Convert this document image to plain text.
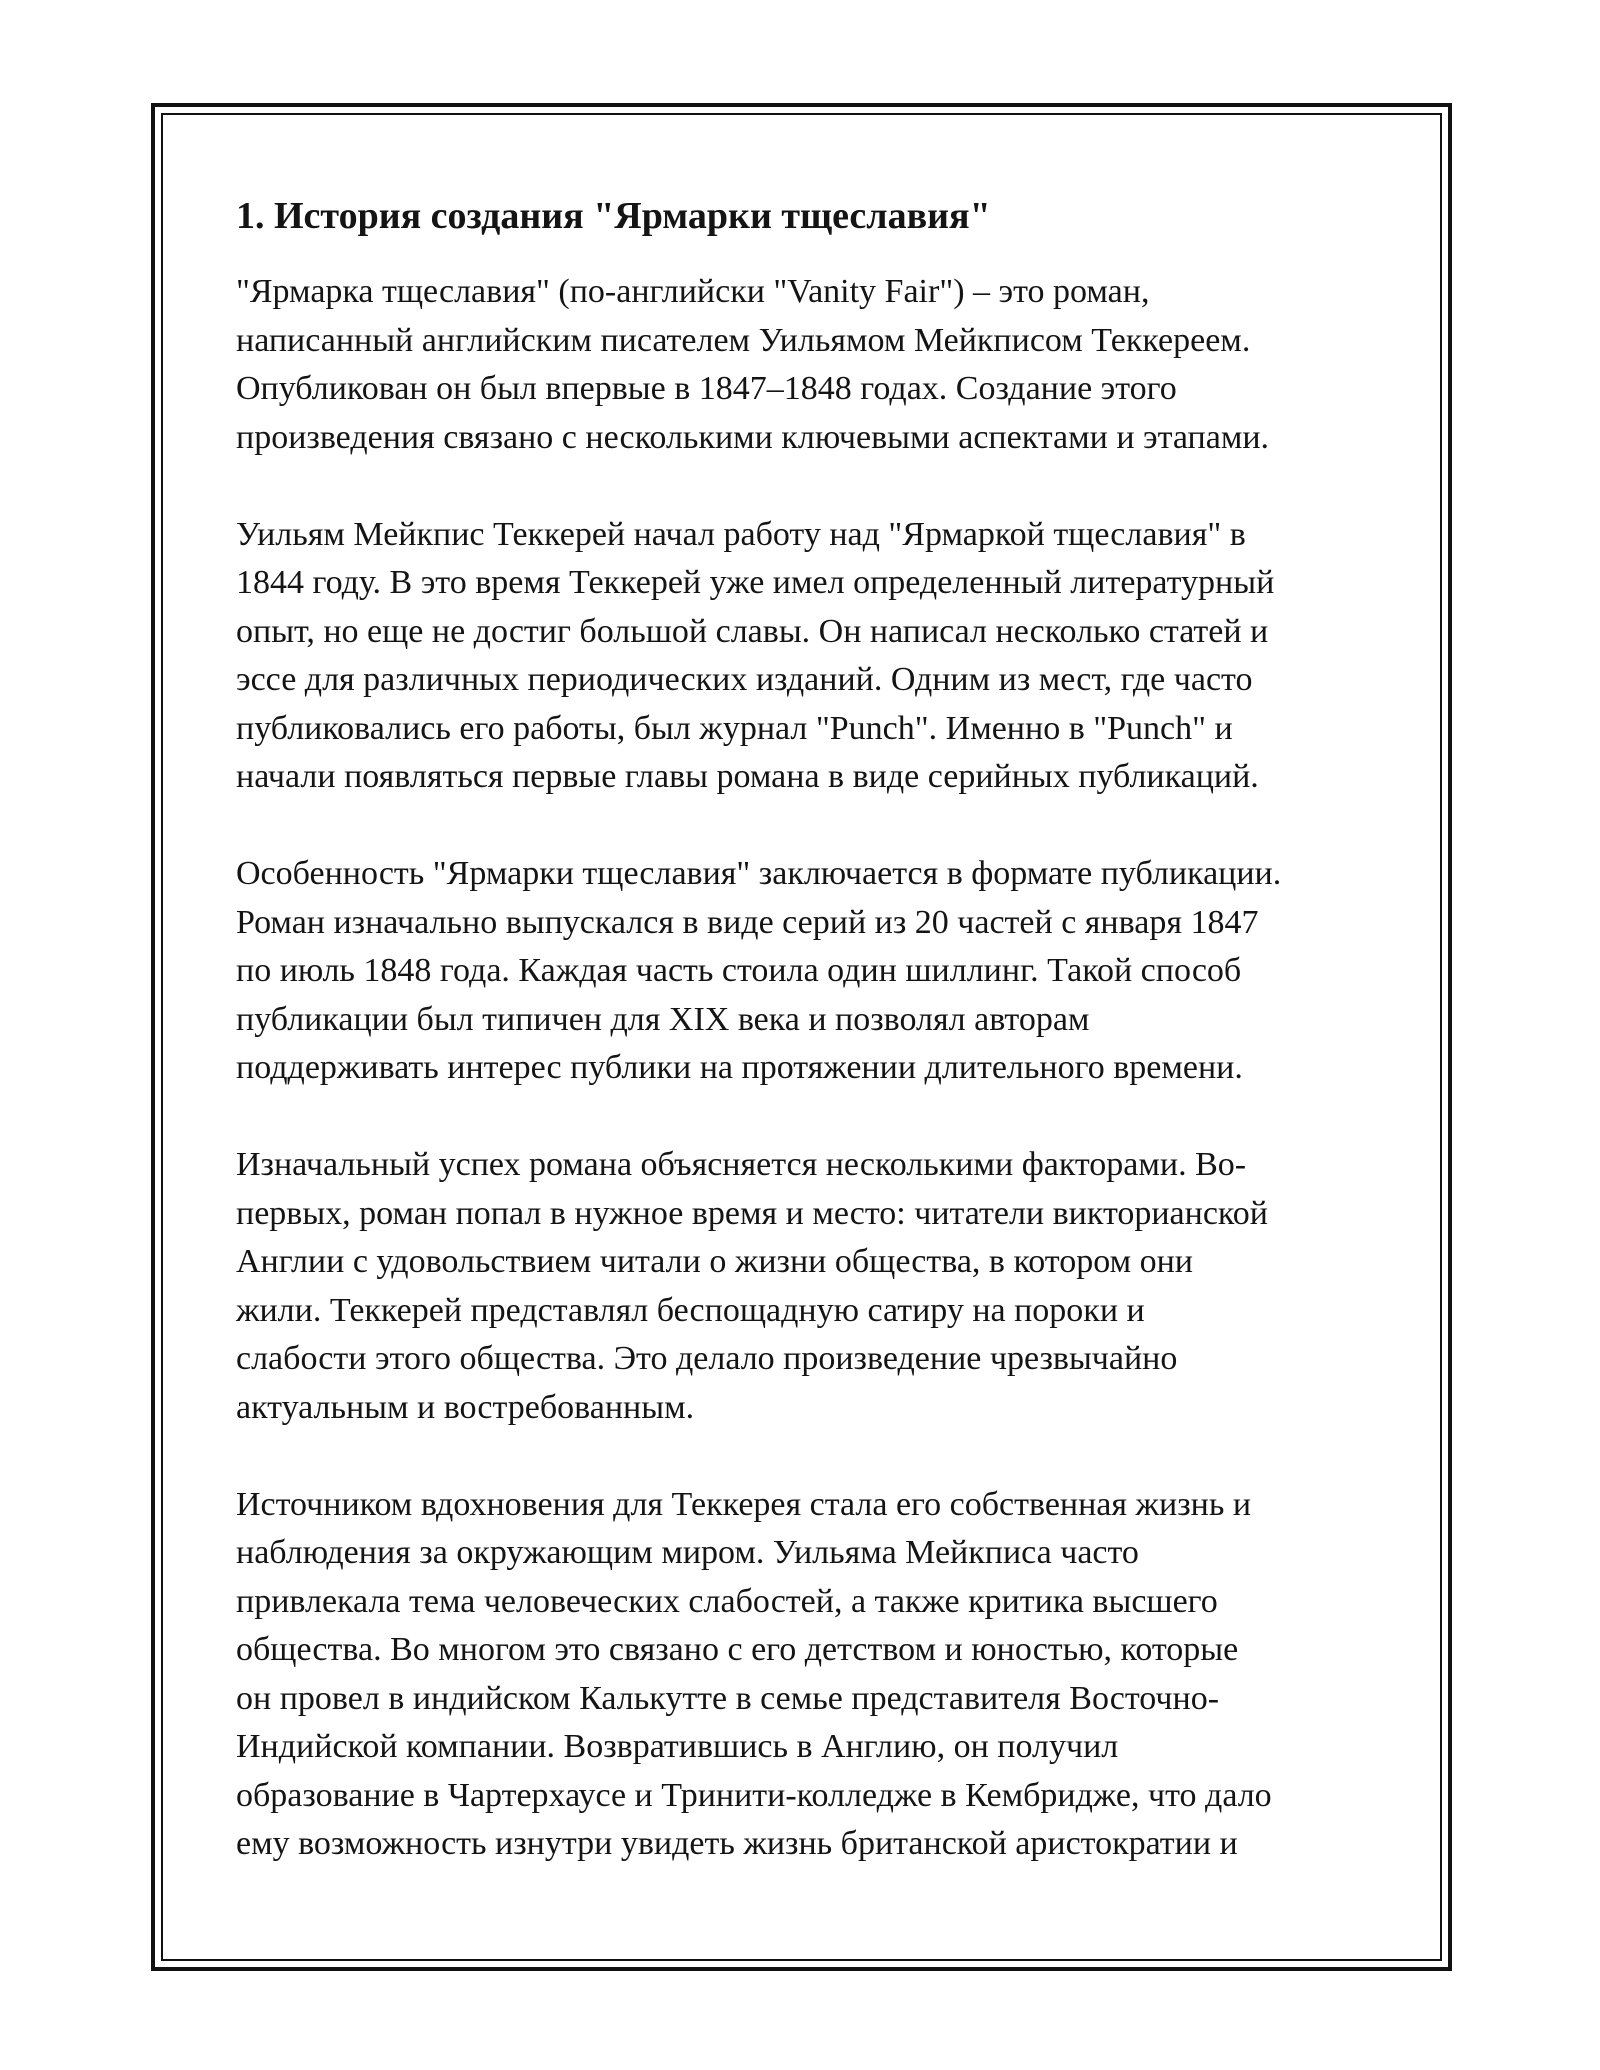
1. История создания "Ярмарки тщеславия"
"Ярмарка тщеславия" (по-английски "Vanity Fair") – это роман,
написанный английским писателем Уильямом Мейкписом Теккереем.
Опубликован он был впервые в 1847–1848 годах. Создание этого
произведения связано с несколькими ключевыми аспектами и этапами.
Уильям Мейкпис Теккерей начал работу над "Ярмаркой тщеславия" в
1844 году. В это время Теккерей уже имел определенный литературный
опыт, но еще не достиг большой славы. Он написал несколько статей и
эссе для различных периодических изданий. Одним из мест, где часто
публиковались его работы, был журнал "Punch". Именно в "Punch" и
начали появляться первые главы романа в виде серийных публикаций.
Особенность "Ярмарки тщеславия" заключается в формате публикации.
Роман изначально выпускался в виде серий из 20 частей с января 1847
по июль 1848 года. Каждая часть стоила один шиллинг. Такой способ
публикации был типичен для XIX века и позволял авторам
поддерживать интерес публики на протяжении длительного времени.
Изначальный успех романа объясняется несколькими факторами. Во-
первых, роман попал в нужное время и место: читатели викторианской
Англии с удовольствием читали о жизни общества, в котором они
жили. Теккерей представлял беспощадную сатиру на пороки и
слабости этого общества. Это делало произведение чрезвычайно
актуальным и востребованным.
Источником вдохновения для Теккерея стала его собственная жизнь и
наблюдения за окружающим миром. Уильяма Мейкписа часто
привлекала тема человеческих слабостей, а также критика высшего
общества. Во многом это связано с его детством и юностью, которые
он провел в индийском Калькутте в семье представителя Восточно-
Индийской компании. Возвратившись в Англию, он получил
образование в Чартерхаусе и Тринити-колледже в Кембридже, что дало
ему возможность изнутри увидеть жизнь британской аристократии и
